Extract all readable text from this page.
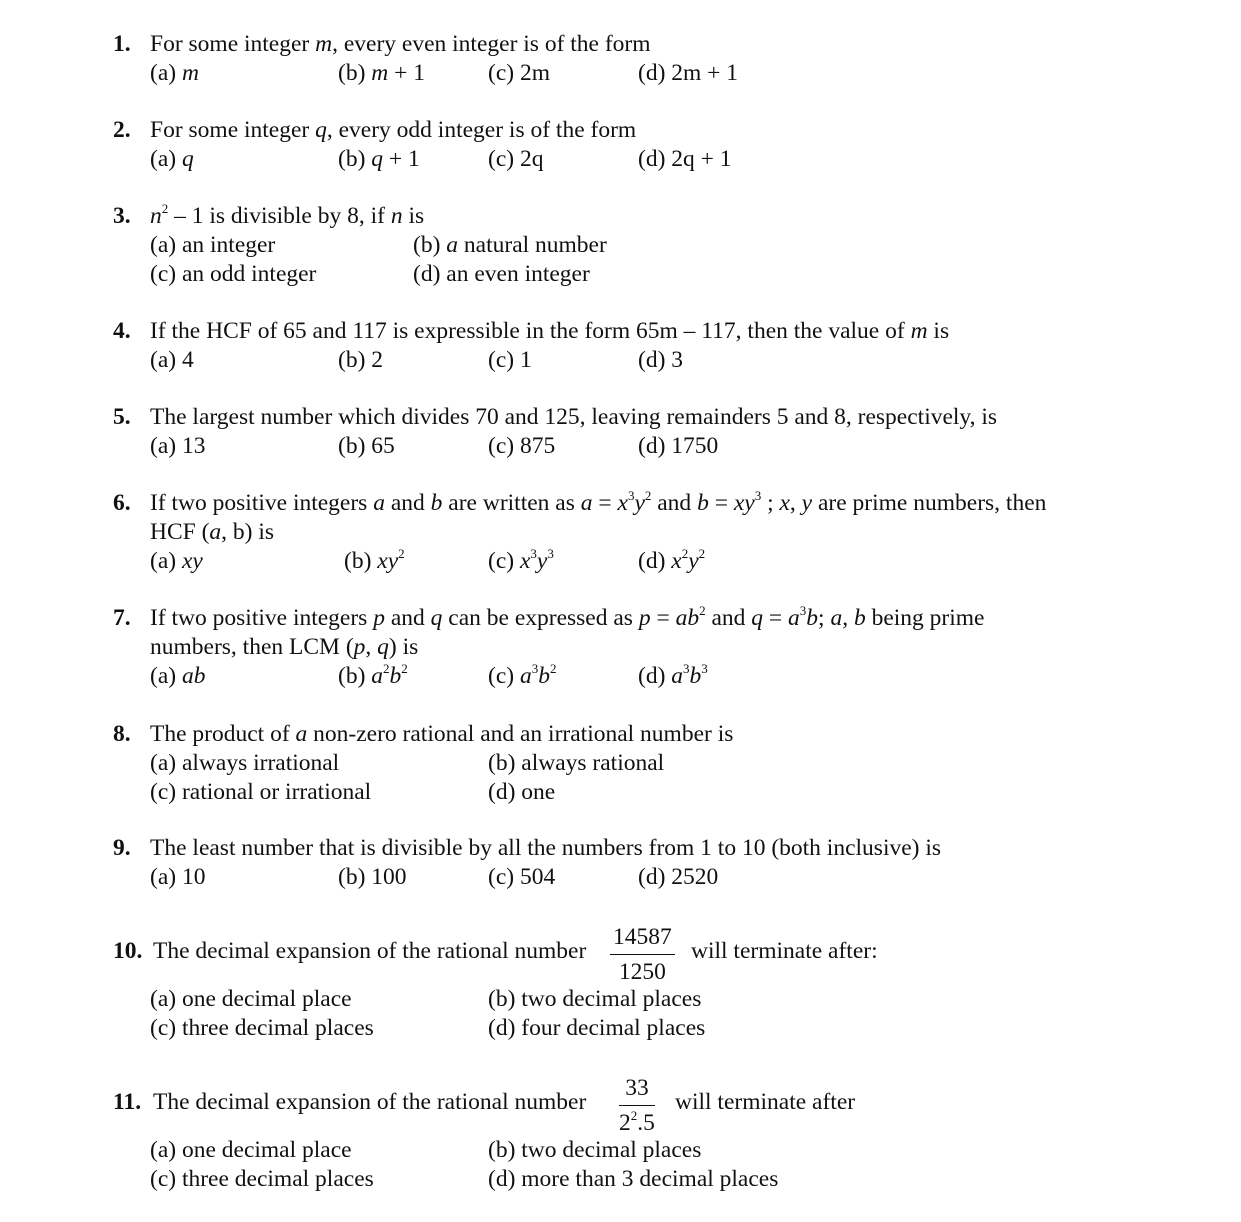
1. For some integer m, every even integer is of the form
(a) m	(b) m + 1	(c) 2m	(d) 2m + 1
2. For some integer q, every odd integer is of the form
(a) q	(b) q + 1	(c) 2q	(d) 2q + 1
3. $n^2 - 1$ is divisible by 8, if n is
(a) an integer	(b) a natural number
(c) an odd integer	(d) an even integer
4. If the HCF of 65 and 117 is expressible in the form 65m – 117, then the value of m is
(a) 4	(b) 2	(c) 1	(d) 3
5. The largest number which divides 70 and 125, leaving remainders 5 and 8, respectively, is
(a) 13	(b) 65	(c) 875	(d) 1750
6. If two positive integers a and b are written as $a = x^3y^2$ and $b = xy^3$ ; x, y are prime numbers, then
HCF (a, b) is
(a) xy	(b) $xy^2$	(c) $x^3y^3$	(d) $x^2y^2$
7. If two positive integers p and q can be expressed as $p = ab^2$ and $q = a^3b$; a, b being prime
numbers, then LCM (p, q) is
(a) ab	(b) $a^2b^2$	(c) $a^3b^2$	(d) $a^3b^3$
8. The product of a non-zero rational and an irrational number is
(a) always irrational	(b) always rational
(c) rational or irrational	(d) one
9. The least number that is divisible by all the numbers from 1 to 10 (both inclusive) is
(a) 10	(b) 100	(c) 504	(d) 2520
10. The decimal expansion of the rational number $\frac{14587}{1250}$ will terminate after:
(a) one decimal place	(b) two decimal places
(c) three decimal places	(d) four decimal places
11. The decimal expansion of the rational number $\frac{33}{2^2.5}$ will terminate after
(a) one decimal place	(b) two decimal places
(c) three decimal places	(d) more than 3 decimal places
